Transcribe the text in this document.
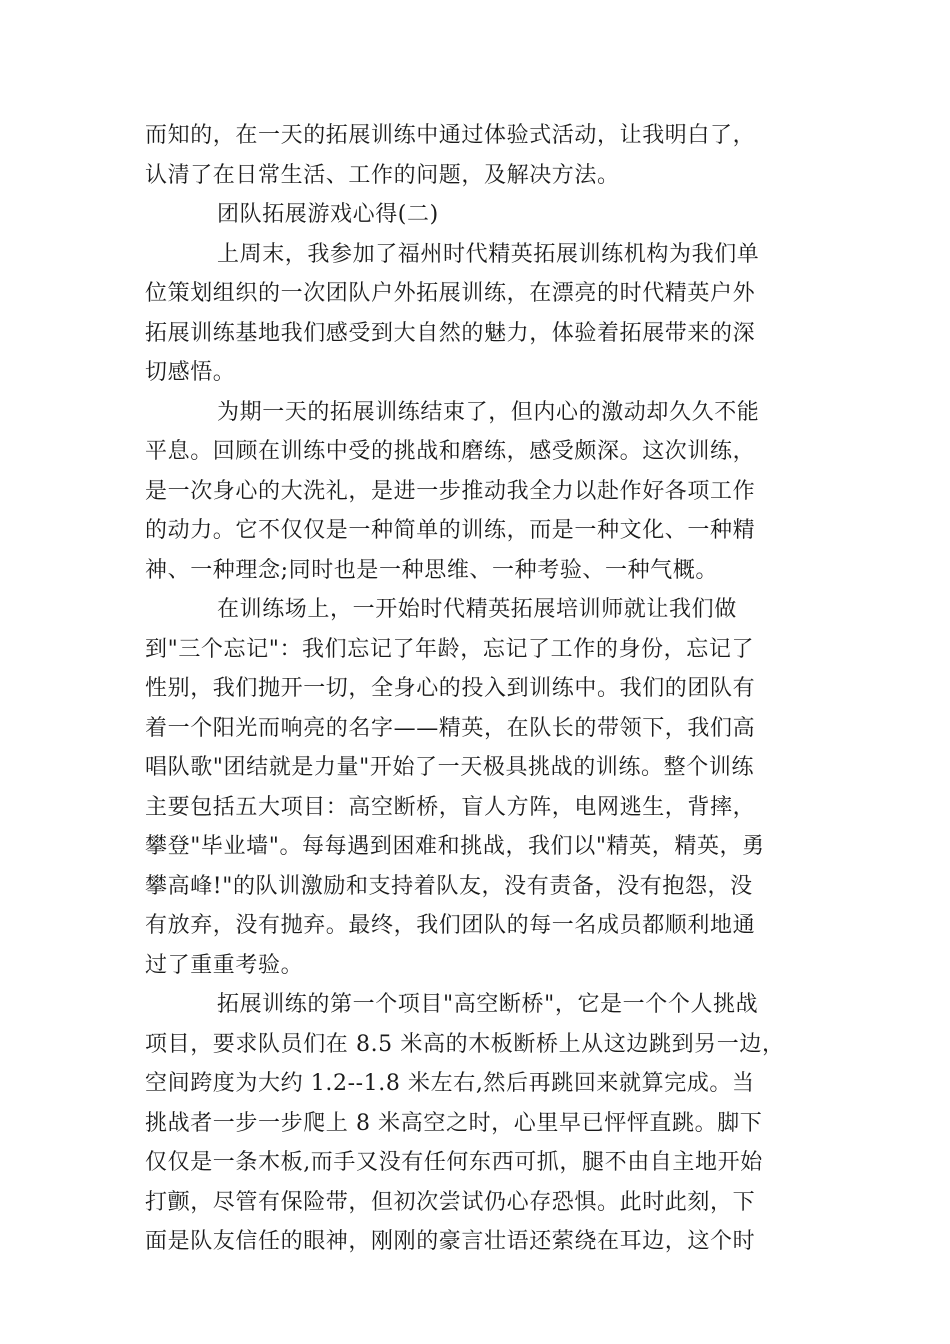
而知的，在一天的拓展训练中通过体验式活动，让我明白了，
认清了在日常生活、工作的问题，及解决方法。
团队拓展游戏心得(二)
上周末，我参加了福州时代精英拓展训练机构为我们单
位策划组织的一次团队户外拓展训练，在漂亮的时代精英户外
拓展训练基地我们感受到大自然的魅力，体验着拓展带来的深
切感悟。
为期一天的拓展训练结束了，但内心的激动却久久不能
平息。回顾在训练中受的挑战和磨练，感受颇深。这次训练，
是一次身心的大洗礼，是进一步推动我全力以赴作好各项工作
的动力。它不仅仅是一种简单的训练，而是一种文化、一种精
神、一种理念;同时也是一种思维、一种考验、一种气概。
在训练场上，一开始时代精英拓展培训师就让我们做
到"三个忘记"：我们忘记了年龄，忘记了工作的身份，忘记了
性别，我们抛开一切，全身心的投入到训练中。我们的团队有
着一个阳光而响亮的名字——精英，在队长的带领下，我们高
唱队歌"团结就是力量"开始了一天极具挑战的训练。整个训练
主要包括五大项目：高空断桥，盲人方阵，电网逃生，背摔，
攀登"毕业墙"。每每遇到困难和挑战，我们以"精英，精英，勇
攀高峰!"的队训激励和支持着队友，没有责备，没有抱怨，没
有放弃，没有抛弃。最终，我们团队的每一名成员都顺利地通
过了重重考验。
拓展训练的第一个项目"高空断桥"，它是一个个人挑战
项目，要求队员们在 8.5 米高的木板断桥上从这边跳到另一边，
空间跨度为大约 1.2--1.8 米左右,然后再跳回来就算完成。当
挑战者一步一步爬上 8 米高空之时，心里早已怦怦直跳。脚下
仅仅是一条木板,而手又没有任何东西可抓，腿不由自主地开始
打颤，尽管有保险带，但初次尝试仍心存恐惧。此时此刻，下
面是队友信任的眼神，刚刚的豪言壮语还萦绕在耳边，这个时
